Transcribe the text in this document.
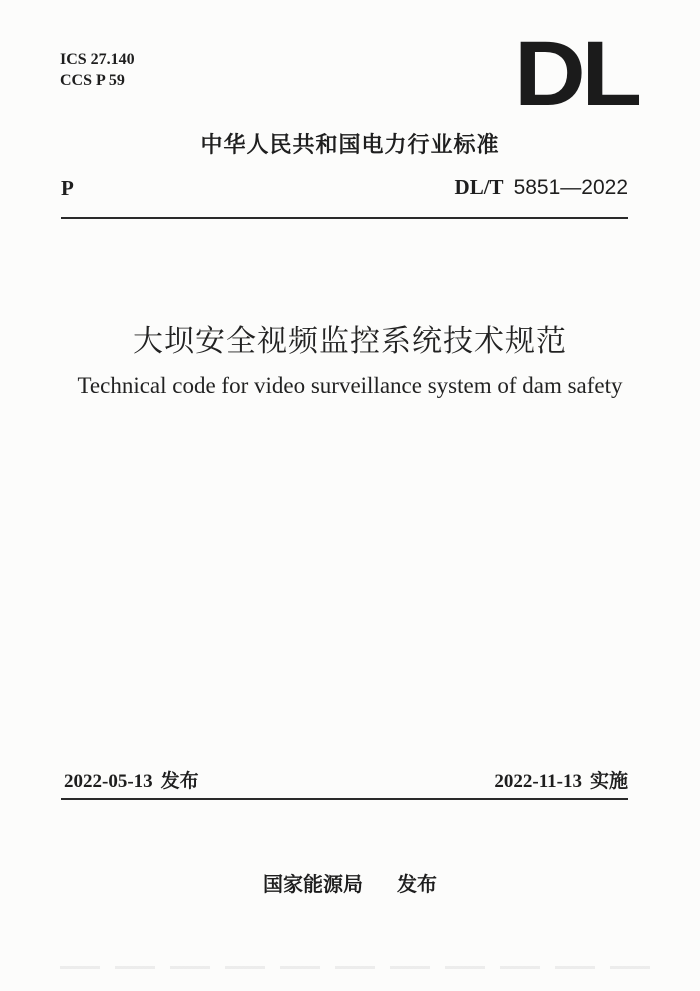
ICS 27.140
CCS P 59	DL
中华人民共和国电力行业标准
P	DL/T 5851—2022
大坝安全视频监控系统技术规范
Technical code for video surveillance system of dam safety
2022-05-13 发布	2022-11-13 实施
国家能源局 发布
